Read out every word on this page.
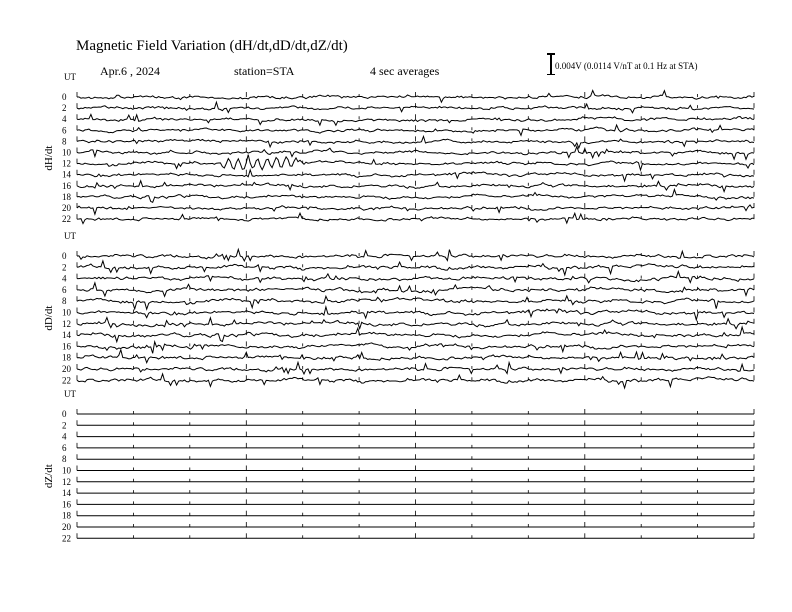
Magnetic Field Variation (dH/dt,dD/dt,dZ/dt)
Apr.6 , 2024	station=STA	4 sec averages	0.004V (0.0114 V/nT at 0.1 Hz at STA)
UT
dH/dt
0
2
4
6
8
10
12
14
16
18
20
22
UT
dD/dt
0
2
4
6
8
10
12
14
16
18
20
22
UT
dZ/dt
0
2
4
6
8
10
12
14
16
18
20
22
